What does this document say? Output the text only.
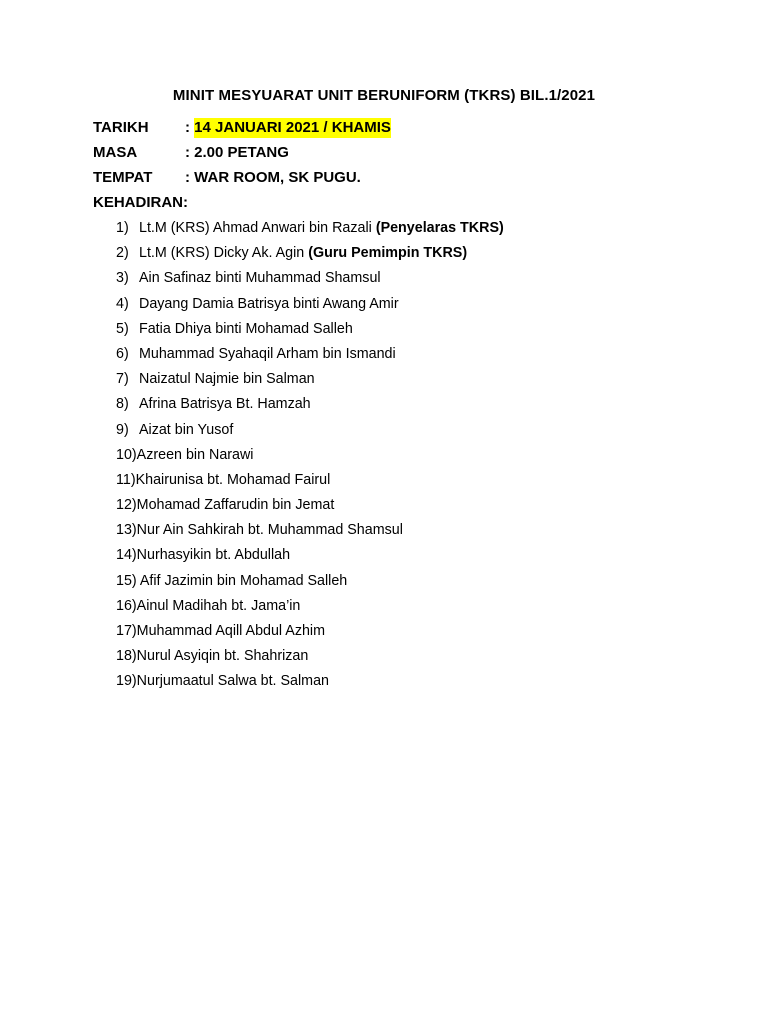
MINIT MESYUARAT UNIT BERUNIFORM (TKRS) BIL.1/2021
TARIKH : 14 JANUARI 2021 / KHAMIS
MASA	: 2.00 PETANG
TEMPAT : WAR ROOM, SK PUGU.
KEHADIRAN:
1) Lt.M (KRS) Ahmad Anwari bin Razali (Penyelaras TKRS)
2) Lt.M (KRS) Dicky Ak. Agin (Guru Pemimpin TKRS)
3) Ain Safinaz binti Muhammad Shamsul
4) Dayang Damia Batrisya binti Awang Amir
5) Fatia Dhiya binti Mohamad Salleh
6) Muhammad Syahaqil Arham bin Ismandi
7) Naizatul Najmie bin Salman
8) Afrina Batrisya Bt. Hamzah
9) Aizat bin Yusof
10)Azreen bin Narawi
11)Khairunisa bt. Mohamad Fairul
12)Mohamad Zaffarudin bin Jemat
13)Nur Ain Sahkirah bt. Muhammad Shamsul
14)Nurhasyikin bt. Abdullah
15) Afif Jazimin bin Mohamad Salleh
16)Ainul Madihah bt. Jama’in
17)Muhammad Aqill Abdul Azhim
18)Nurul Asyiqin bt. Shahrizan
19)Nurjumaatul Salwa bt. Salman
